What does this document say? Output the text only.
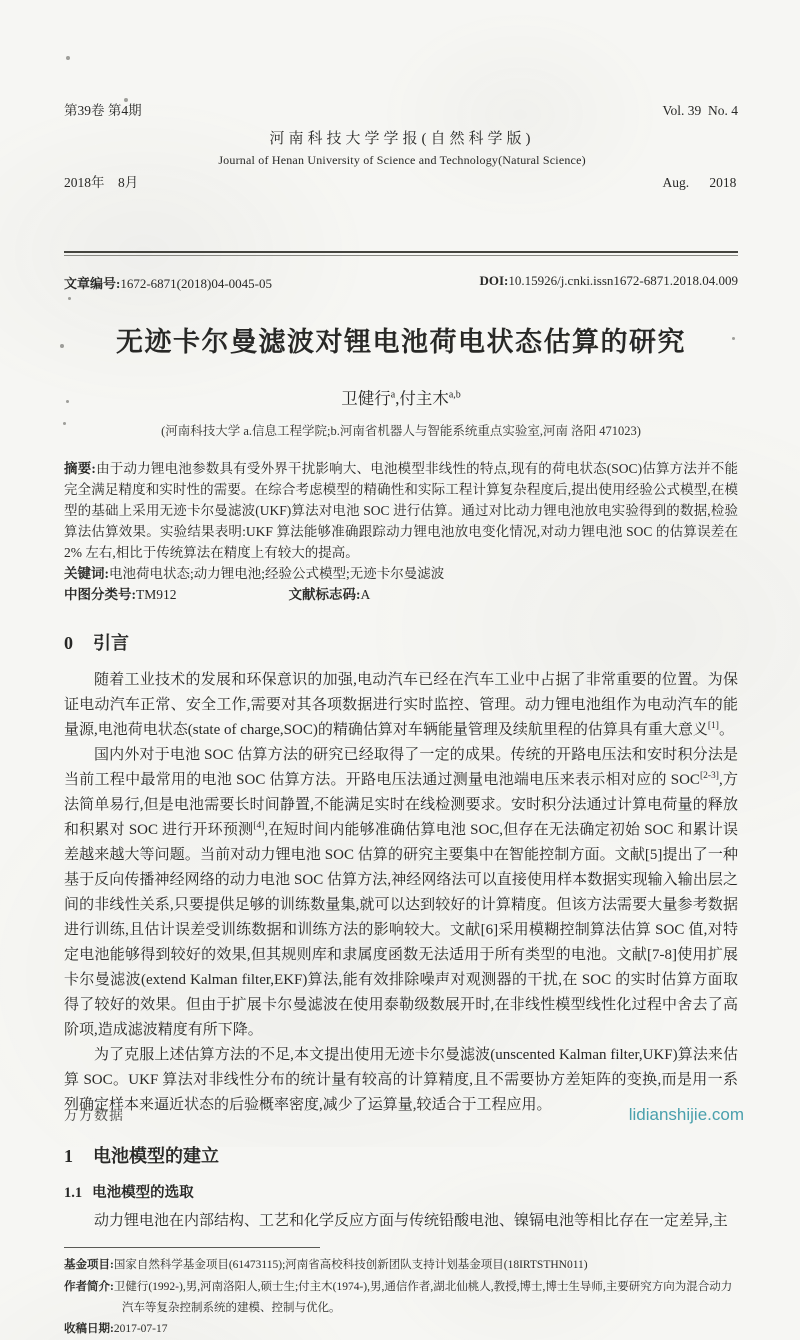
第39卷 第4期

2018年    8月

河南科技大学学报(自然科学版)
Journal of Henan University of Science and Technology(Natural Science)

Vol. 39  No. 4

Aug.      2018

文章编号:1672-6871(2018)04-0045-05	DOI:10.15926/j.cnki.issn1672-6871.2018.04.009
无迹卡尔曼滤波对锂电池荷电状态估算的研究
卫健行$^a$,付主木$^{a,b}$
(河南科技大学 a.信息工程学院;b.河南省机器人与智能系统重点实验室,河南 洛阳 471023)
摘要:由于动力锂电池参数具有受外界干扰影响大、电池模型非线性的特点,现有的荷电状态(SOC)估算方法并不能完全满足精度和实时性的需要。在综合考虑模型的精确性和实际工程计算复杂程度后,提出使用经验公式模型,在模型的基础上采用无迹卡尔曼滤波(UKF)算法对电池 SOC 进行估算。通过对比动力锂电池放电实验得到的数据,检验算法估算效果。实验结果表明:UKF 算法能够准确跟踪动力锂电池放电变化情况,对动力锂电池 SOC 的估算误差在 2% 左右,相比于传统算法在精度上有较大的提高。
关键词:电池荷电状态;动力锂电池;经验公式模型;无迹卡尔曼滤波
中图分类号:TM912	文献标志码:A
0 引言

随着工业技术的发展和环保意识的加强,电动汽车已经在汽车工业中占据了非常重要的位置。为保证电动汽车正常、安全工作,需要对其各项数据进行实时监控、管理。动力锂电池组作为电动汽车的能量源,电池荷电状态(state of charge,SOC)的精确估算对车辆能量管理及续航里程的估算具有重大意义[1]。

国内外对于电池 SOC 估算方法的研究已经取得了一定的成果。传统的开路电压法和安时积分法是当前工程中最常用的电池 SOC 估算方法。开路电压法通过测量电池端电压来表示相对应的 SOC[2-3],方法简单易行,但是电池需要长时间静置,不能满足实时在线检测要求。安时积分法通过计算电荷量的释放和积累对 SOC 进行开环预测[4],在短时间内能够准确估算电池 SOC,但存在无法确定初始 SOC 和累计误差越来越大等问题。当前对动力锂电池 SOC 估算的研究主要集中在智能控制方面。文献[5]提出了一种基于反向传播神经网络的动力电池 SOC 估算方法,神经网络法可以直接使用样本数据实现输入输出层之间的非线性关系,只要提供足够的训练数量集,就可以达到较好的计算精度。但该方法需要大量参考数据进行训练,且估计误差受训练数据和训练方法的影响较大。文献[6]采用模糊控制算法估算 SOC 值,对特定电池能够得到较好的效果,但其规则库和隶属度函数无法适用于所有类型的电池。文献[7-8]使用扩展卡尔曼滤波(extend Kalman filter,EKF)算法,能有效排除噪声对观测器的干扰,在 SOC 的实时估算方面取得了较好的效果。但由于扩展卡尔曼滤波在使用泰勒级数展开时,在非线性模型线性化过程中舍去了高阶项,造成滤波精度有所下降。

为了克服上述估算方法的不足,本文提出使用无迹卡尔曼滤波(unscented Kalman filter,UKF)算法来估算 SOC。UKF 算法对非线性分布的统计量有较高的计算精度,且不需要协方差矩阵的变换,而是用一系列确定样本来逼近状态的后验概率密度,减少了运算量,较适合于工程应用。

1 电池模型的建立
1.1 电池模型的选取

动力锂电池在内部结构、工艺和化学反应方面与传统铅酸电池、镍镉电池等相比存在一定差异,主

基金项目:国家自然科学基金项目(61473115);河南省高校科技创新团队支持计划基金项目(18IRTSTHN011)
作者简介:卫健行(1992-),男,河南洛阳人,硕士生;付主木(1974-),男,通信作者,湖北仙桃人,教授,博士,博士生导师,主要研究方向为混合动力汽车等复杂控制系统的建模、控制与优化。
收稿日期:2017-07-17
万方数据	lidianshijie.com
